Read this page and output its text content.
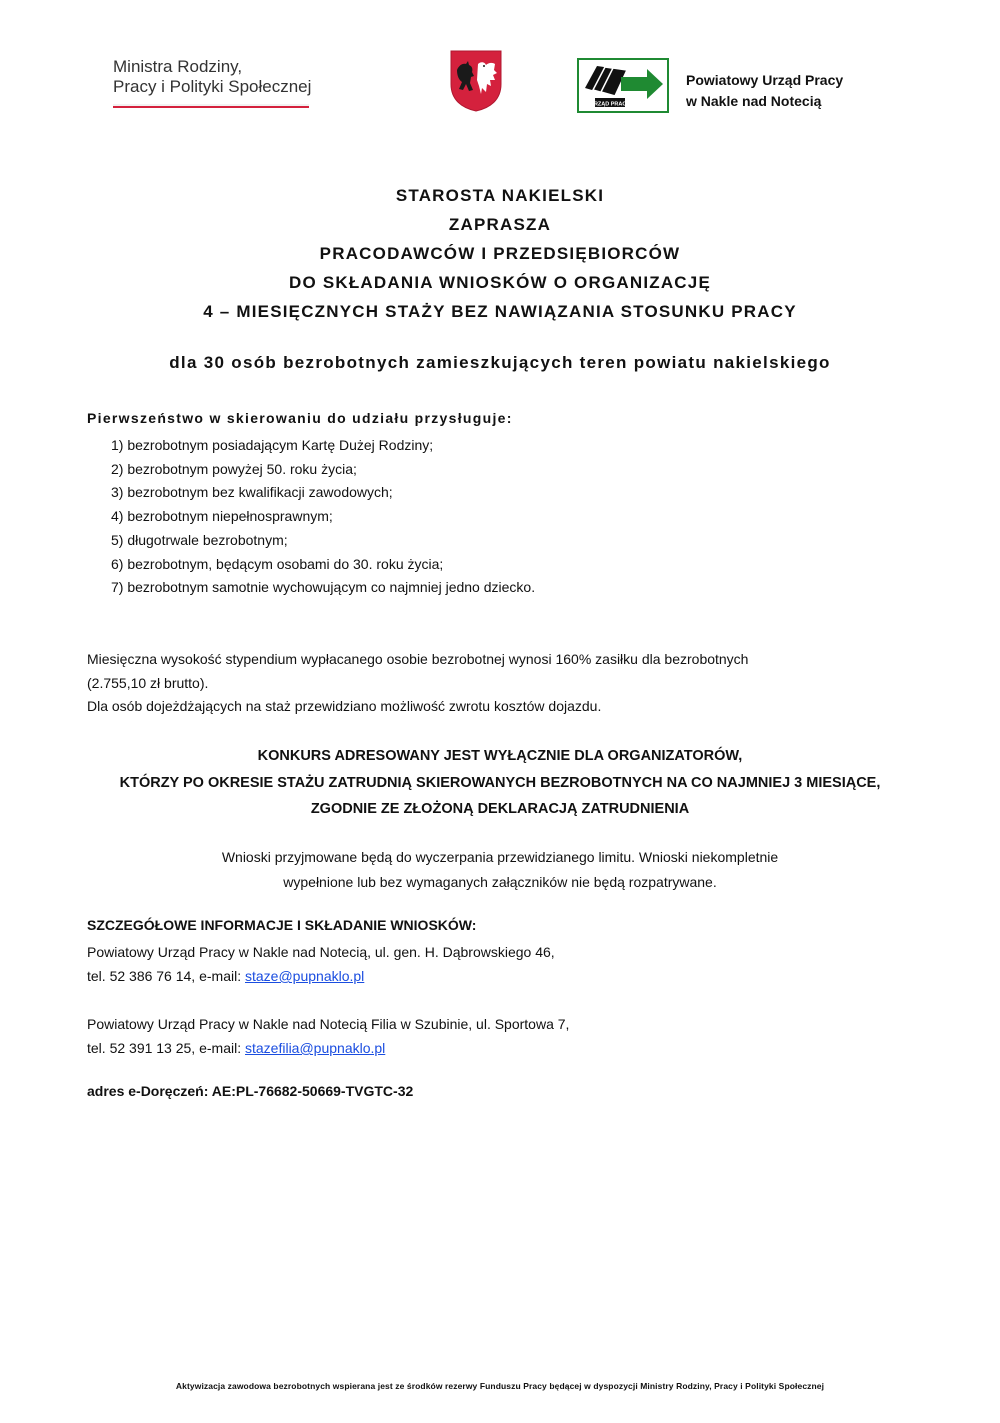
Ministra Rodziny,
Pracy i Polityki Społecznej
URZĄD PRACY
Powiatowy Urząd Pracy
w Nakle nad Notecią
STAROSTA NAKIELSKI
ZAPRASZA
PRACODAWCÓW I PRZEDSIĘBIORCÓW
DO SKŁADANIA WNIOSKÓW O ORGANIZACJĘ
4 – MIESIĘCZNYCH STAŻY BEZ NAWIĄZANIA STOSUNKU PRACY
dla 30 osób bezrobotnych zamieszkujących teren powiatu nakielskiego
Pierwszeństwo w skierowaniu do udziału przysługuje:
1) bezrobotnym posiadającym Kartę Dużej Rodziny;
2) bezrobotnym powyżej 50. roku życia;
3) bezrobotnym bez kwalifikacji zawodowych;
4) bezrobotnym niepełnosprawnym;
5) długotrwale bezrobotnym;
6) bezrobotnym, będącym osobami do 30. roku życia;
7) bezrobotnym samotnie wychowującym co najmniej jedno dziecko.
Miesięczna wysokość stypendium wypłacanego osobie bezrobotnej wynosi 160% zasiłku dla bezrobotnych
(2.755,10 zł brutto).
Dla osób dojeżdżających na staż przewidziano możliwość zwrotu kosztów dojazdu.
KONKURS ADRESOWANY JEST WYŁĄCZNIE DLA ORGANIZATORÓW,
KTÓRZY PO OKRESIE STAŻU ZATRUDNIĄ SKIEROWANYCH BEZROBOTNYCH NA CO NAJMNIEJ 3 MIESIĄCE,
ZGODNIE ZE ZŁOŻONĄ DEKLARACJĄ ZATRUDNIENIA
Wnioski przyjmowane będą do wyczerpania przewidzianego limitu. Wnioski niekompletnie
wypełnione lub bez wymaganych załączników nie będą rozpatrywane.
SZCZEGÓŁOWE INFORMACJE I SKŁADANIE WNIOSKÓW:
Powiatowy Urząd Pracy w Nakle nad Notecią, ul. gen. H. Dąbrowskiego 46,
tel. 52 386 76 14, e-mail: staze@pupnaklo.pl
Powiatowy Urząd Pracy w Nakle nad Notecią Filia w Szubinie, ul. Sportowa 7,
tel. 52 391 13 25, e-mail: stazefilia@pupnaklo.pl
adres e-Doręczeń: AE:PL-76682-50669-TVGTC-32
Aktywizacja zawodowa bezrobotnych wspierana jest ze środków rezerwy Funduszu Pracy będącej w dyspozycji Ministry Rodziny, Pracy i Polityki Społecznej
